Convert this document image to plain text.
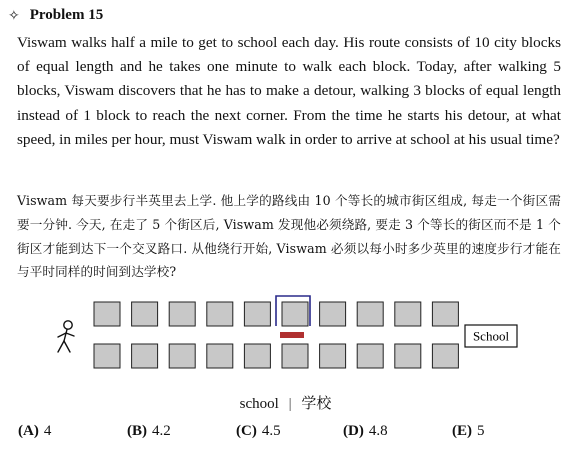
✧ Problem 15
Viswam walks half a mile to get to school each day. His route consists of 10 city blocks of equal length and he takes one minute to walk each block. Today, after walking 5 blocks, Viswam discovers that he has to make a detour, walking 3 blocks of equal length instead of 1 block to reach the next corner. From the time he starts his detour, at what speed, in miles per hour, must Viswam walk in order to arrive at school at his usual time?
Viswam 每天要步行半英里去上学. 他上学的路线由 10 个等长的城市街区组成, 每走一个街区需要一分钟. 今天, 在走了 5 个街区后, Viswam 发现他必须绕路, 要走 3 个等长的街区而不是 1 个街区才能到达下一个交叉路口. 从他绕行开始, Viswam 必须以每小时多少英里的速度步行才能在与平时同样的时间到达学校?
School
school | 学校
(A) 4	(B) 4.2	(C) 4.5	(D) 4.8	(E) 5
